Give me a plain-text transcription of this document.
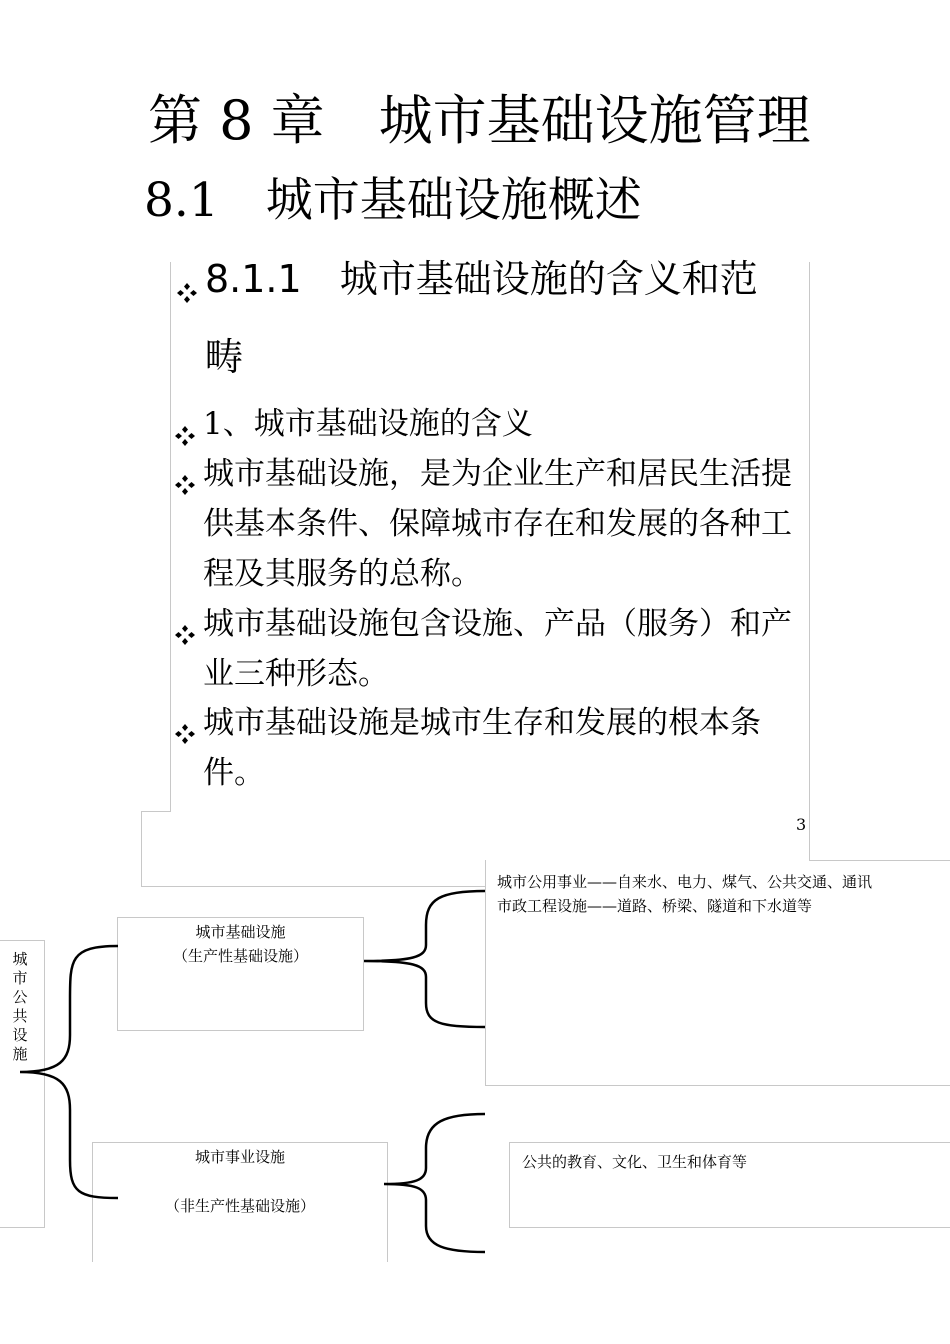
第 8 章　城市基础设施管理
8.1　城市基础设施概述
8.1.1　城市基础设施的含义和范畴
1、城市基础设施的含义
城市基础设施，是为企业生产和居民生活提供基本条件、保障城市存在和发展的各种工程及其服务的总称。
城市基础设施包含设施、产品（服务）和产业三种形态。
城市基础设施是城市生存和发展的根本条件。
3
城市公共设施
城市基础设施
（生产性基础设施）
城市事业设施
（非生产性基础设施）
城市公用事业——自来水、电力、煤气、公共交通、通讯
市政工程设施——道路、桥梁、隧道和下水道等
公共的教育、文化、卫生和体育等
